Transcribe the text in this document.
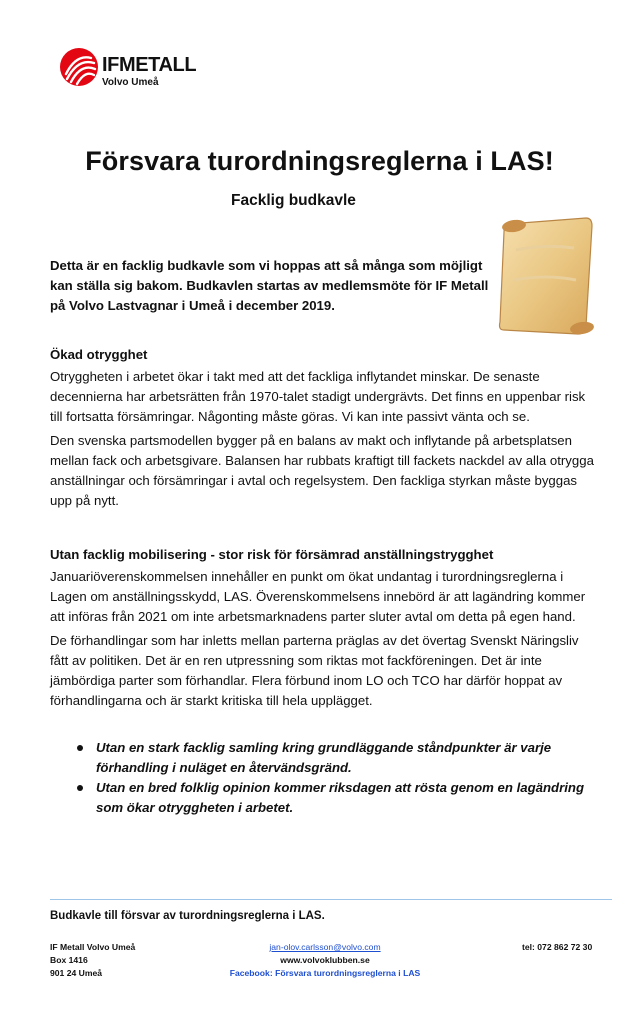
IFMETALL
Volvo Umeå
Försvara turordningsreglerna i LAS!
Facklig budkavle

Detta är en facklig budkavle som vi hoppas att så många som möjligt kan ställa sig bakom. Budkavlen startas av medlemsmöte för IF Metall på Volvo Lastvagnar i Umeå i december 2019.

Ökad otrygghet

Otryggheten i arbetet ökar i takt med att det fackliga inflytandet minskar. De senaste decennierna har arbetsrätten från 1970-talet stadigt undergrävts. Det finns en uppenbar risk till fortsatta försämringar. Någonting måste göras. Vi kan inte passivt vänta och se.

Den svenska partsmodellen bygger på en balans av makt och inflytande på arbetsplatsen mellan fack och arbetsgivare. Balansen har rubbats kraftigt till fackets nackdel av alla otrygga anställningar och försämringar i avtal och regelsystem. Den fackliga styrkan måste byggas upp på nytt.

Utan facklig mobilisering - stor risk för försämrad anställningstrygghet

Januariöverenskommelsen innehåller en punkt om ökat undantag i turordningsreglerna i Lagen om anställningsskydd, LAS. Överenskommelsens innebörd är att lagändring kommer att införas från 2021 om inte arbetsmarknadens parter sluter avtal om detta på egen hand.

De förhandlingar som har inletts mellan parterna präglas av det övertag Svenskt Näringsliv fått av politiken. Det är en ren utpressning som riktas mot fackföreningen. Det är inte jämbördiga parter som förhandlar. Flera förbund inom LO och TCO har därför hoppat av förhandlingarna och är starkt kritiska till hela upplägget.

Utan en stark facklig samling kring grundläggande ståndpunkter är varje förhandling i nuläget en återvändsgränd.
Utan en bred folklig opinion kommer riksdagen att rösta genom en lagändring som ökar otryggheten i arbetet.
Budkavle till försvar av turordningsreglerna i LAS.
IF Metall Volvo Umeå
Box 1416
901 24 Umeå
jan-olov.carlsson@volvo.com
www.volvoklubben.se
Facebook: Försvara turordningsreglerna i LAS
tel: 072 862 72 30
